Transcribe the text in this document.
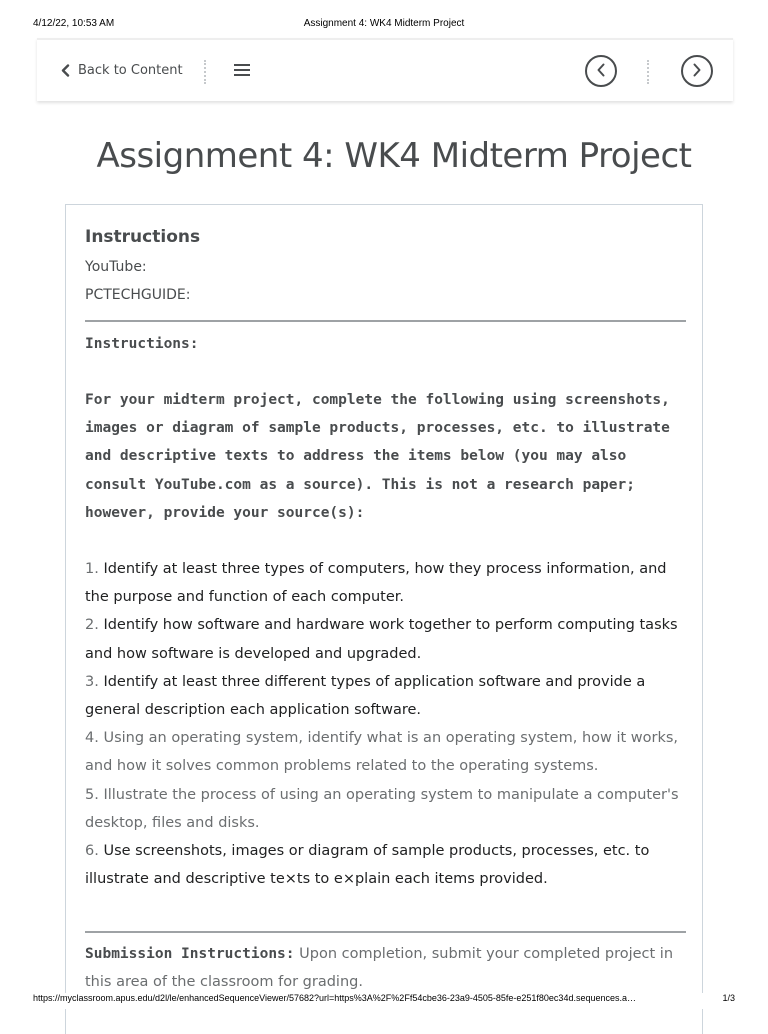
4/12/22, 10:53 AM	Assignment 4: WK4 Midterm Project
Back to Content
Assignment 4: WK4 Midterm Project
Instructions
YouTube:
PCTECHGUIDE:

Instructions:

For your midterm project, complete the following using screenshots, images or diagram of sample products, processes, etc. to illustrate and descriptive texts to address the items below (you may also consult YouTube.com as a source). This is not a research paper; however, provide your source(s):

1. Identify at least three types of computers, how they process information, and the purpose and function of each computer.
2. Identify how software and hardware work together to perform computing tasks and how software is developed and upgraded.
3. Identify at least three different types of application software and provide a general description each application software.
4. Using an operating system, identify what is an operating system, how it works, and how it solves common problems related to the operating systems.
5. Illustrate the process of using an operating system to manipulate a computer's desktop, files and disks.
6. Use screenshots, images or diagram of sample products, processes, etc. to illustrate and descriptive te×ts to e×plain each items provided.

Submission Instructions: Upon completion, submit your completed project in this area of the classroom for grading.

https://myclassroom.apus.edu/d2l/le/enhancedSequenceViewer/57682?url=https%3A%2F%2Ff54cbe36-23a9-4505-85fe-e251f80ec34d.sequences.a…	1/3
